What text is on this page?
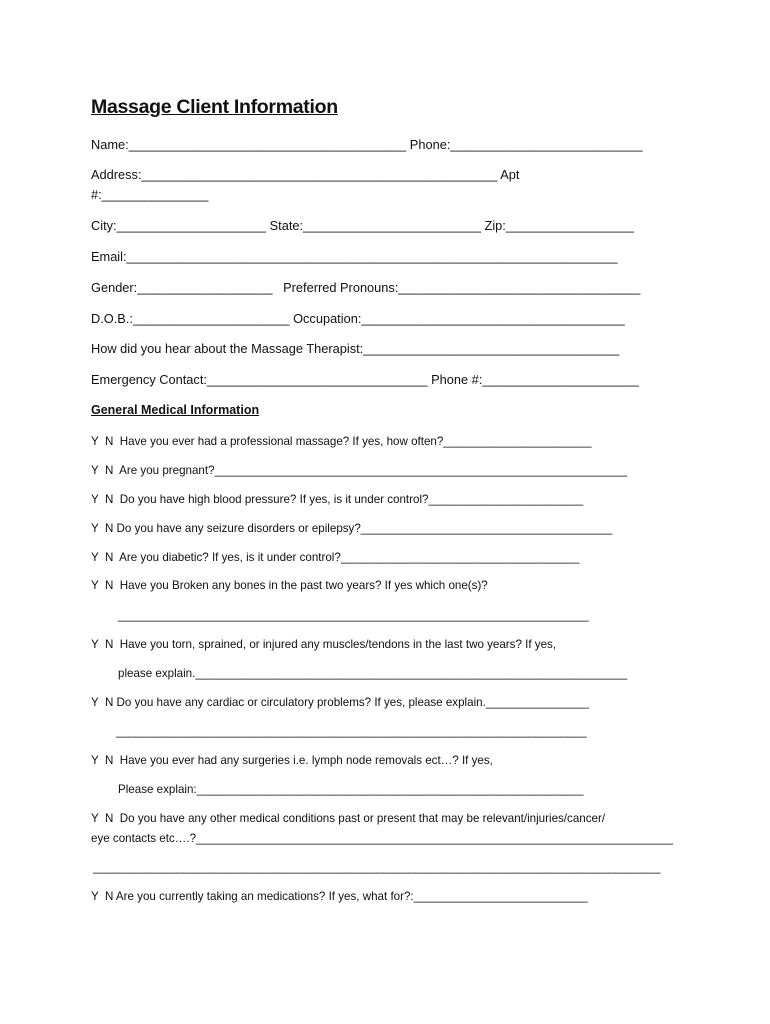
Massage Client Information
Name:_______________________________________ Phone:___________________________
Address:__________________________________________________ Apt
#:_______________
City:_____________________ State:_________________________ Zip:__________________
Email:_____________________________________________________________________
Gender:___________________   Preferred Pronouns:__________________________________
D.O.B.:______________________ Occupation:_____________________________________
How did you hear about the Massage Therapist:____________________________________
Emergency Contact:_______________________________ Phone #:______________________
General Medical Information
Y  N  Have you ever had a professional massage? If yes, how often?_______________________
Y  N  Are you pregnant?________________________________________________________________
Y  N  Do you have high blood pressure? If yes, is it under control?________________________
Y  N Do you have any seizure disorders or epilepsy?_______________________________________
Y  N  Are you diabetic? If yes, is it under control?_____________________________________
Y  N  Have you Broken any bones in the past two years? If yes which one(s)?
_________________________________________________________________________
Y  N  Have you torn, sprained, or injured any muscles/tendons in the last two years? If yes,
please explain.___________________________________________________________________
Y  N Do you have any cardiac or circulatory problems? If yes, please explain.________________
_________________________________________________________________________
Y  N  Have you ever had any surgeries i.e. lymph node removals ect…? If yes,
Please explain:____________________________________________________________
Y  N  Do you have any other medical conditions past or present that may be relevant/injuries/cancer/
eye contacts etc….?__________________________________________________________________________
________________________________________________________________________________________
Y  N Are you currently taking an medications? If yes, what for?:___________________________
